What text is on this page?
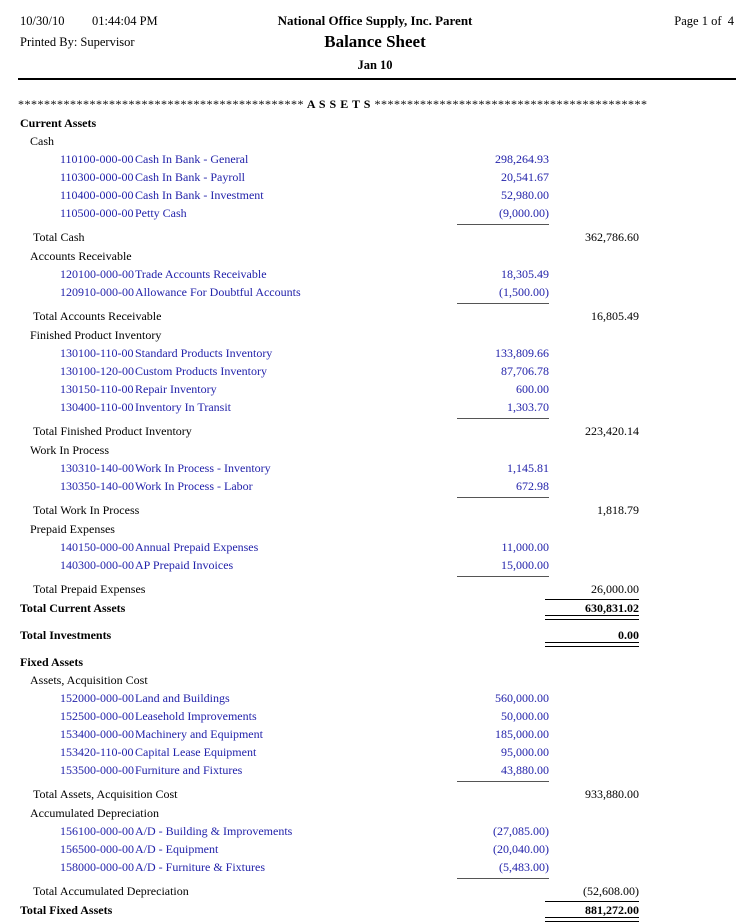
10/30/10 01:44:04 PM	National Office Supply, Inc. Parent	Page 1 of  4
Printed By: Supervisor	Balance Sheet
Jan 10
******************************************** A S S E T S ******************************************
Current Assets
Cash
110100-000-00 Cash In Bank - General	298,264.93
110300-000-00 Cash In Bank - Payroll	20,541.67
110400-000-00 Cash In Bank - Investment	52,980.00
110500-000-00 Petty Cash	(9,000.00)
Total Cash	362,786.60
Accounts Receivable
120100-000-00 Trade Accounts Receivable	18,305.49
120910-000-00 Allowance For Doubtful Accounts	(1,500.00)
Total Accounts Receivable	16,805.49
Finished Product Inventory
130100-110-00 Standard Products Inventory	133,809.66
130100-120-00 Custom Products Inventory	87,706.78
130150-110-00 Repair Inventory	600.00
130400-110-00 Inventory In Transit	1,303.70
Total Finished Product Inventory	223,420.14
Work In Process
130310-140-00 Work In Process - Inventory	1,145.81
130350-140-00 Work In Process - Labor	672.98
Total Work In Process	1,818.79
Prepaid Expenses
140150-000-00 Annual Prepaid Expenses	11,000.00
140300-000-00 AP Prepaid Invoices	15,000.00
Total Prepaid Expenses	26,000.00
Total Current Assets	630,831.02
Total Investments	0.00
Fixed Assets
Assets, Acquisition Cost
152000-000-00 Land and Buildings	560,000.00
152500-000-00 Leasehold Improvements	50,000.00
153400-000-00 Machinery and Equipment	185,000.00
153420-110-00 Capital Lease Equipment	95,000.00
153500-000-00 Furniture and Fixtures	43,880.00
Total Assets, Acquisition Cost	933,880.00
Accumulated Depreciation
156100-000-00 A/D - Building & Improvements	(27,085.00)
156500-000-00 A/D - Equipment	(20,040.00)
158000-000-00 A/D - Furniture & Fixtures	(5,483.00)
Total Accumulated Depreciation	(52,608.00)
Total Fixed Assets	881,272.00
